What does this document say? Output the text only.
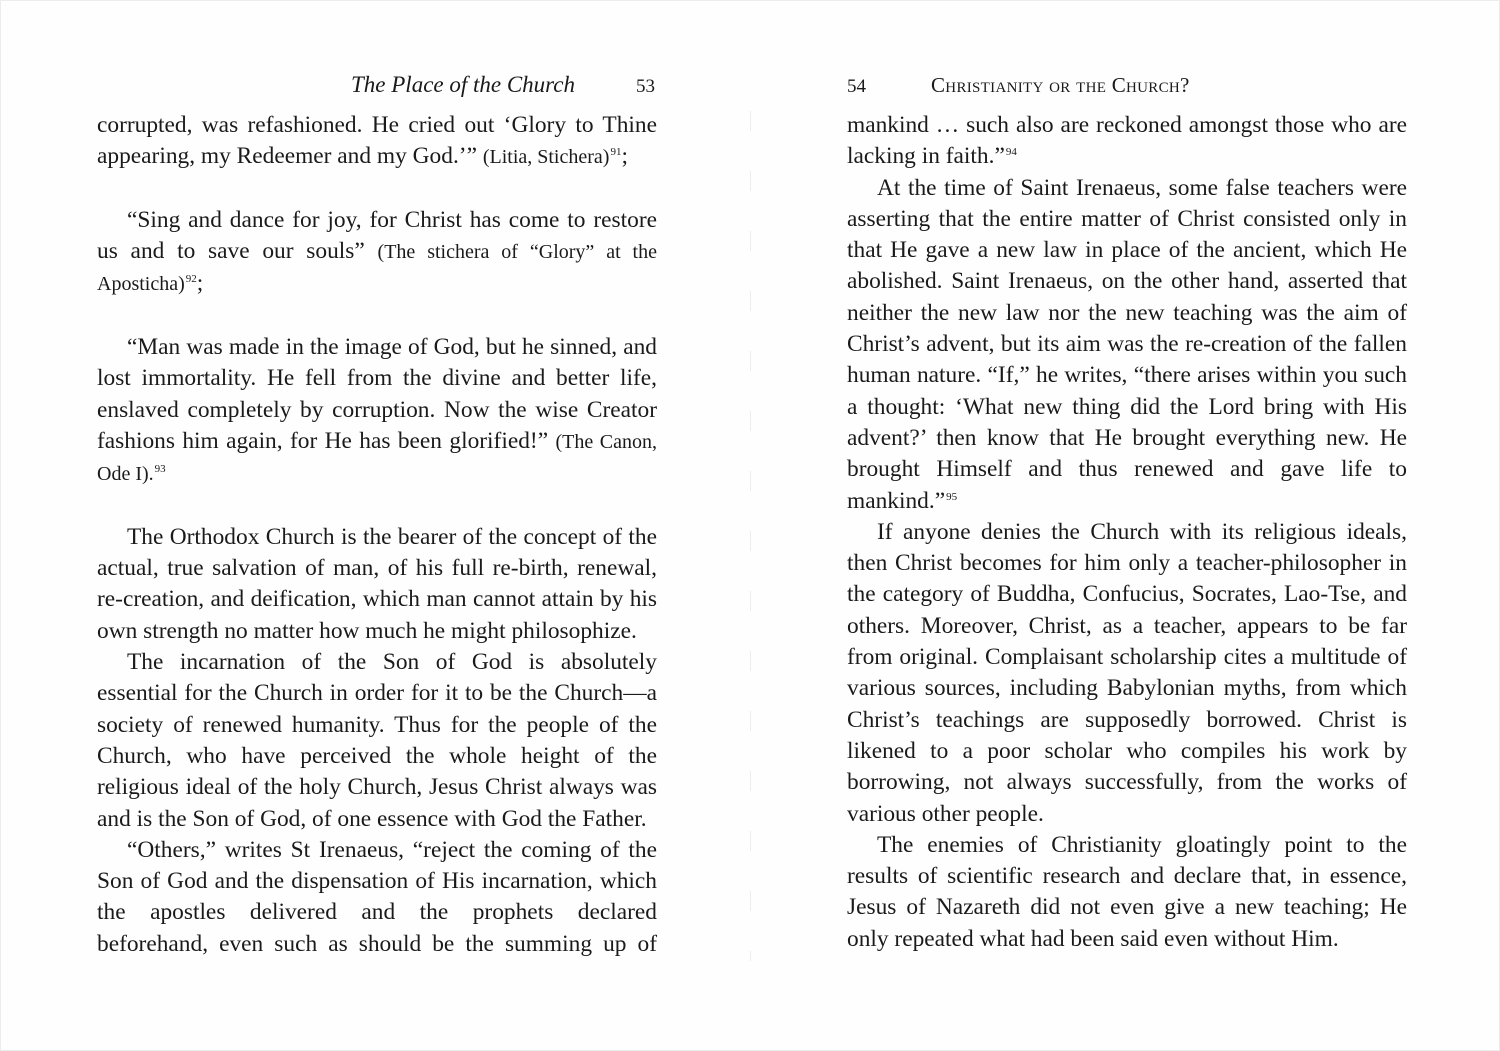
The Place of the Church	53

corrupted, was refashioned. He cried out ‘Glory to Thine appearing, my Redeemer and my God.’” (Litia, Stichera)$^{91}$;

“Sing and dance for joy, for Christ has come to restore us and to save our souls” (The stichera of “Glory” at the Aposticha)$^{92}$;

“Man was made in the image of God, but he sinned, and lost immortality. He fell from the divine and better life, enslaved completely by corruption. Now the wise Creator fashions him again, for He has been glorified!” (The Canon, Ode I).$^{93}$

The Orthodox Church is the bearer of the concept of the actual, true salvation of man, of his full re-birth, renewal, re-creation, and deification, which man cannot attain by his own strength no matter how much he might philosophize.

The incarnation of the Son of God is absolutely essential for the Church in order for it to be the Church—a society of renewed humanity. Thus for the people of the Church, who have perceived the whole height of the religious ideal of the holy Church, Jesus Christ always was and is the Son of God, of one essence with God the Father.

“Others,” writes St Irenaeus, “reject the coming of the Son of God and the dispensation of His incarnation, which the apostles delivered and the prophets declared beforehand, even such as should be the summing up of

54	Christianity or the Church?

mankind … such also are reckoned amongst those who are lacking in faith.”$^{94}$

At the time of Saint Irenaeus, some false teachers were asserting that the entire matter of Christ consisted only in that He gave a new law in place of the ancient, which He abolished. Saint Irenaeus, on the other hand, asserted that neither the new law nor the new teaching was the aim of Christ’s advent, but its aim was the re-creation of the fallen human nature. “If,” he writes, “there arises within you such a thought: ‘What new thing did the Lord bring with His advent?’ then know that He brought everything new. He brought Himself and thus renewed and gave life to mankind.”$^{95}$

If anyone denies the Church with its religious ideals, then Christ becomes for him only a teacher-philosopher in the category of Buddha, Confucius, Socrates, Lao-Tse, and others. Moreover, Christ, as a teacher, appears to be far from original. Complaisant scholarship cites a multitude of various sources, including Babylonian myths, from which Christ’s teachings are supposedly borrowed. Christ is likened to a poor scholar who compiles his work by borrowing, not always successfully, from the works of various other people.

The enemies of Christianity gloatingly point to the results of scientific research and declare that, in essence, Jesus of Nazareth did not even give a new teaching; He only repeated what had been said even without Him.
